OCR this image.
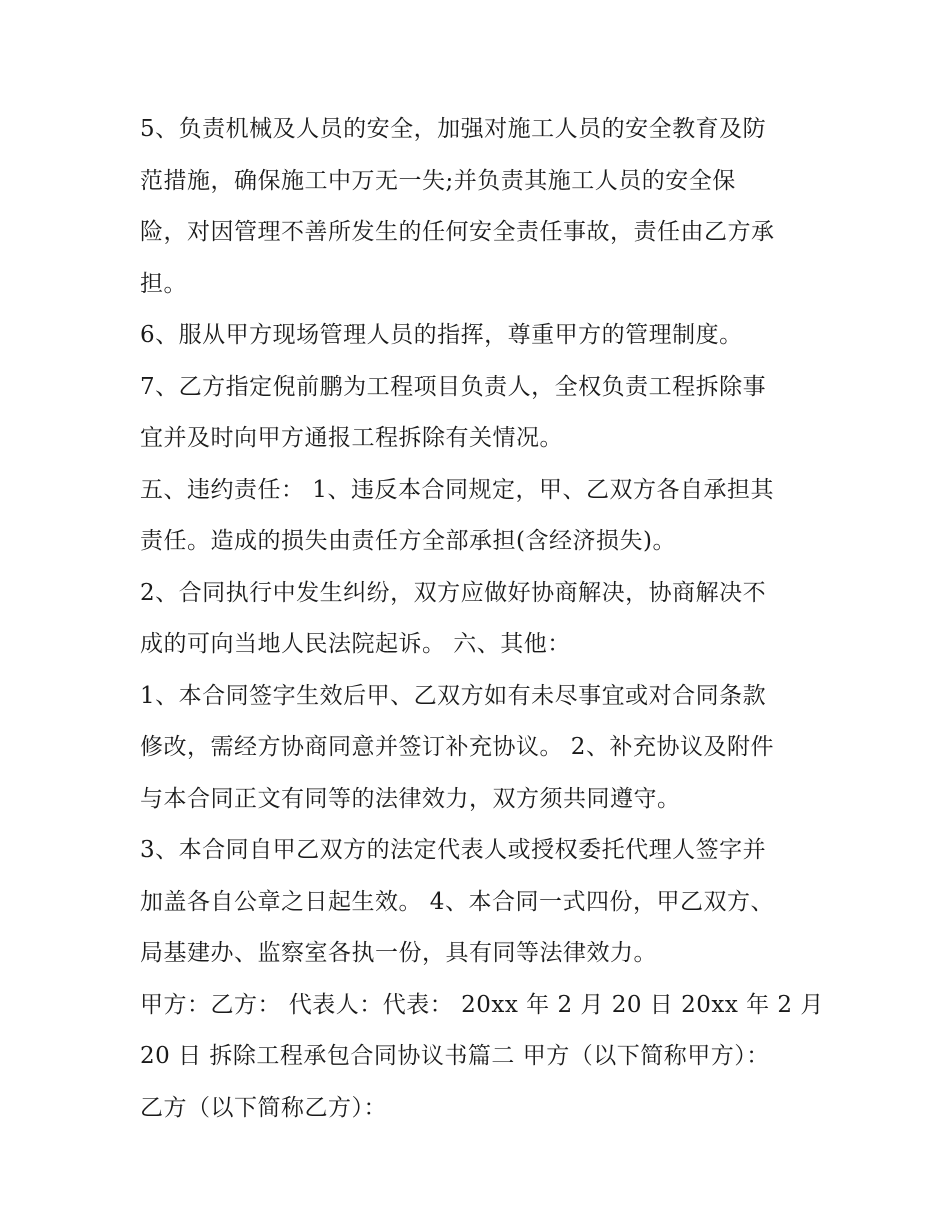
5、负责机械及人员的安全，加强对施工人员的安全教育及防
范措施，确保施工中万无一失;并负责其施工人员的安全保
险，对因管理不善所发生的任何安全责任事故，责任由乙方承
担。
6、服从甲方现场管理人员的指挥，尊重甲方的管理制度。
7、乙方指定倪前鹏为工程项目负责人，全权负责工程拆除事
宜并及时向甲方通报工程拆除有关情况。
五、违约责任： 1、违反本合同规定，甲、乙双方各自承担其
责任。造成的损失由责任方全部承担(含经济损失)。
2、合同执行中发生纠纷，双方应做好协商解决，协商解决不
成的可向当地人民法院起诉。 六、其他：
1、本合同签字生效后甲、乙双方如有未尽事宜或对合同条款
修改，需经方协商同意并签订补充协议。 2、补充协议及附件
与本合同正文有同等的法律效力，双方须共同遵守。
3、本合同自甲乙双方的法定代表人或授权委托代理人签字并
加盖各自公章之日起生效。 4、本合同一式四份，甲乙双方、
局基建办、监察室各执一份，具有同等法律效力。
甲方：乙方： 代表人：代表： 20xx 年 2 月 20 日 20xx 年 2 月
20 日 拆除工程承包合同协议书篇二 甲方（以下简称甲方）：
乙方（以下简称乙方）：
